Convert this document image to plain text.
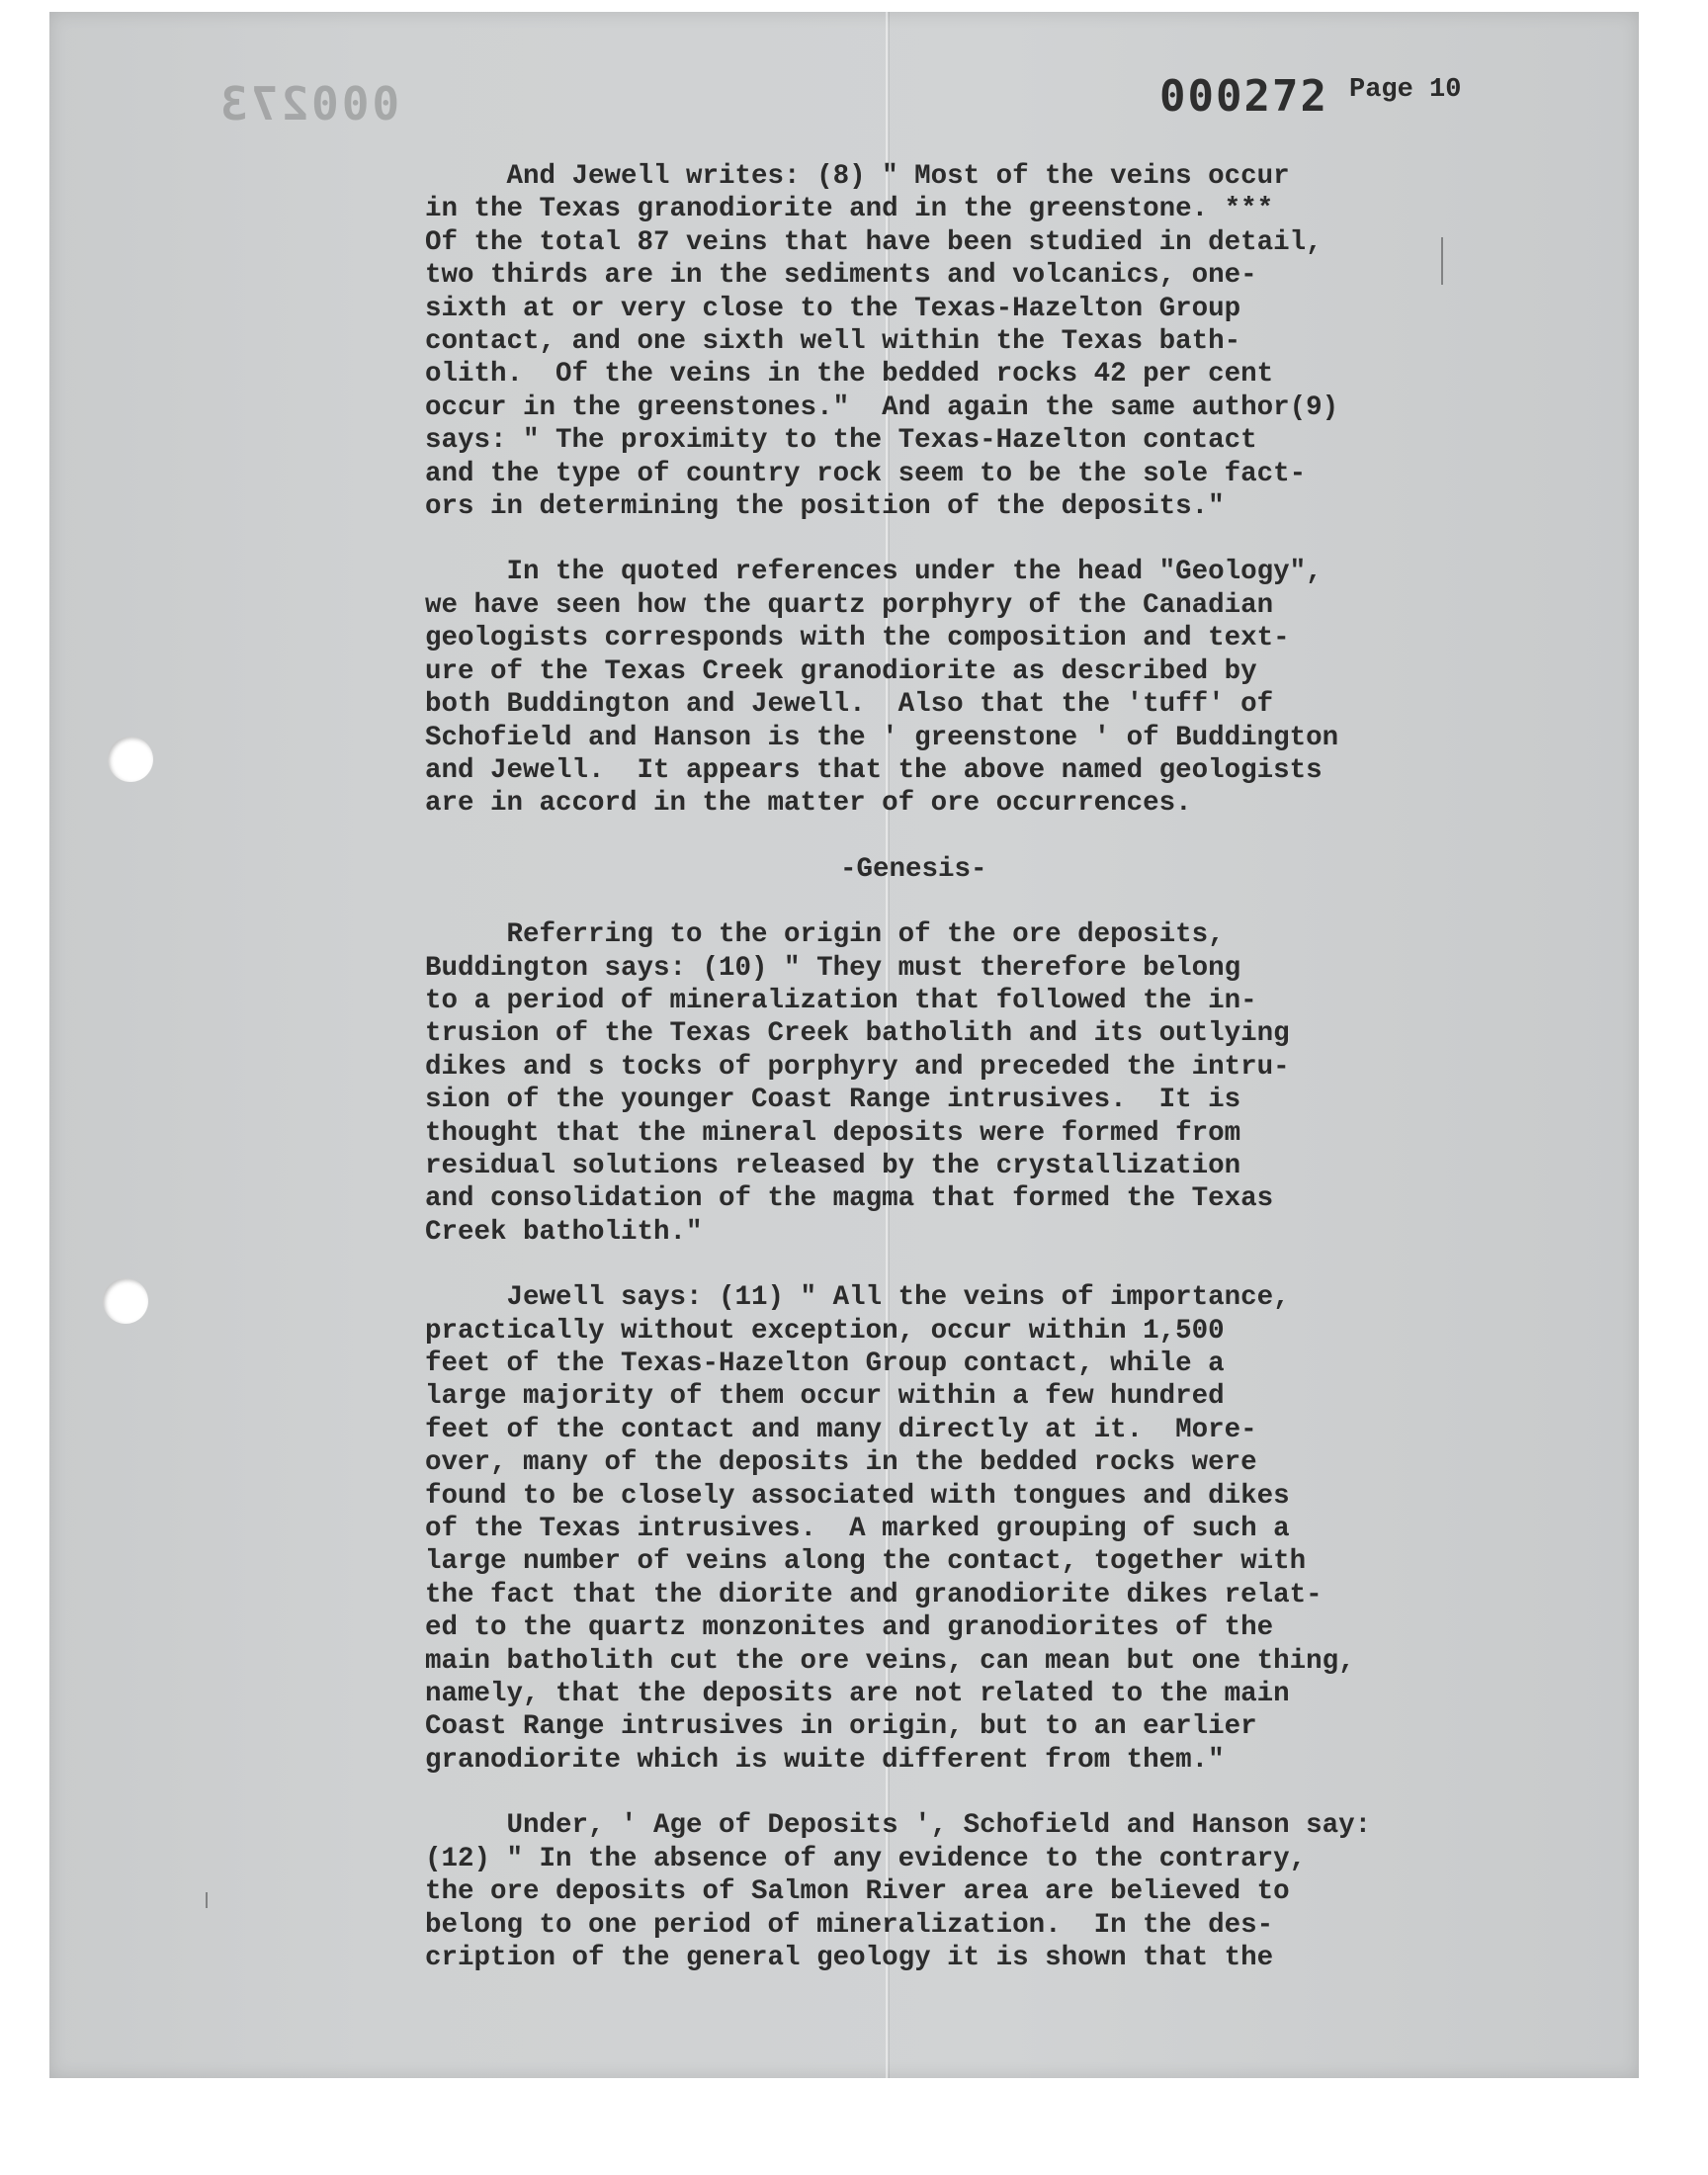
000273	000272 Page 10
And Jewell writes: (8) " Most of the veins occur
in the Texas granodiorite and in the greenstone. ***
Of the total 87 veins that have been studied in detail,
two thirds are in the sediments and volcanics, one-
sixth at or very close to the Texas-Hazelton Group
contact, and one sixth well within the Texas bath-
olith.  Of the veins in the bedded rocks 42 per cent
occur in the greenstones."  And again the same author(9)
says: " The proximity to the Texas-Hazelton contact
and the type of country rock seem to be the sole fact-
ors in determining the position of the deposits."
In the quoted references under the head "Geology",
we have seen how the quartz porphyry of the Canadian
geologists corresponds with the composition and text-
ure of the Texas Creek granodiorite as described by
both Buddington and Jewell.  Also that the 'tuff' of
Schofield and Hanson is the ' greenstone ' of Buddington
and Jewell.  It appears that the above named geologists
are in accord in the matter of ore occurrences.
-Genesis-
Referring to the origin of the ore deposits,
Buddington says: (10) " They must therefore belong
to a period of mineralization that followed the in-
trusion of the Texas Creek batholith and its outlying
dikes and s tocks of porphyry and preceded the intru-
sion of the younger Coast Range intrusives.  It is
thought that the mineral deposits were formed from
residual solutions released by the crystallization
and consolidation of the magma that formed the Texas
Creek batholith."
Jewell says: (11) " All the veins of importance,
practically without exception, occur within 1,500
feet of the Texas-Hazelton Group contact, while a
large majority of them occur within a few hundred
feet of the contact and many directly at it.  More-
over, many of the deposits in the bedded rocks were
found to be closely associated with tongues and dikes
of the Texas intrusives.  A marked grouping of such a
large number of veins along the contact, together with
the fact that the diorite and granodiorite dikes relat-
ed to the quartz monzonites and granodiorites of the
main batholith cut the ore veins, can mean but one thing,
namely, that the deposits are not related to the main
Coast Range intrusives in origin, but to an earlier
granodiorite which is wuite different from them."
Under, ' Age of Deposits ', Schofield and Hanson say:
(12) " In the absence of any evidence to the contrary,
the ore deposits of Salmon River area are believed to
belong to one period of mineralization.  In the des-
cription of the general geology it is shown that the
